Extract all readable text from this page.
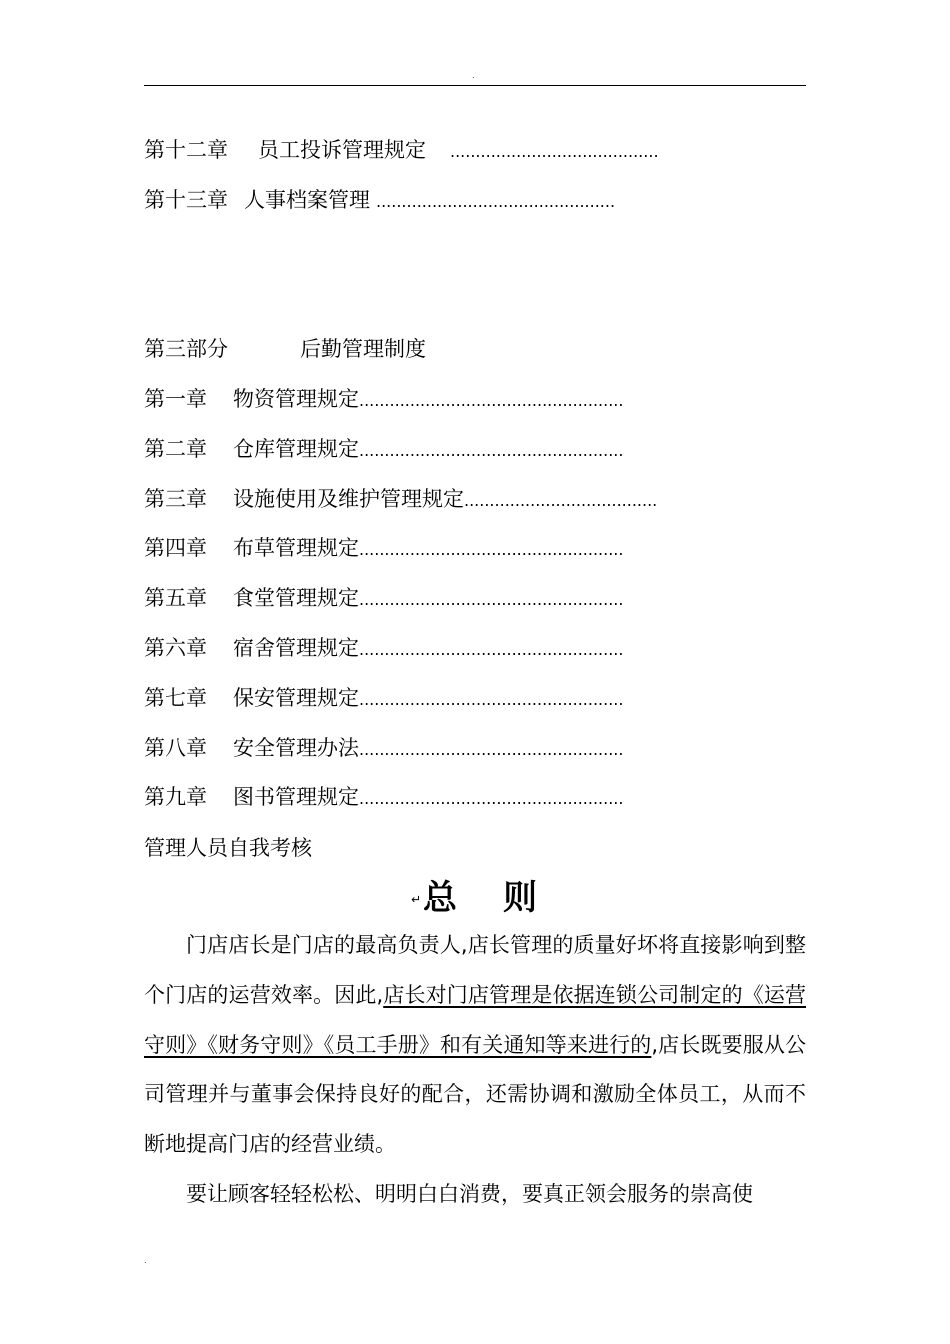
.
第十二章 员工投诉管理规定 .........................................
第十三章 人事档案管理 ...............................................
第三部分	后勤管理制度
第一章 物资管理规定....................................................
第二章 仓库管理规定....................................................
第三章 设施使用及维护管理规定......................................
第四章 布草管理规定....................................................
第五章 食堂管理规定....................................................
第六章 宿舍管理规定....................................................
第七章 保安管理规定....................................................
第八章 安全管理办法....................................................
第九章 图书管理规定....................................................
管理人员自我考核
↵总 则
门店店长是门店的最高负责人,店长管理的质量好坏将直接影响到整个门店的运营效率。因此,店长对门店管理是依据连锁公司制定的《运营守则》《财务守则》《员工手册》和有关通知等来进行的,店长既要服从公司管理并与董事会保持良好的配合，还需协调和激励全体员工，从而不断地提高门店的经营业绩。
要让顾客轻轻松松、明明白白消费，要真正领会服务的崇高使
.
